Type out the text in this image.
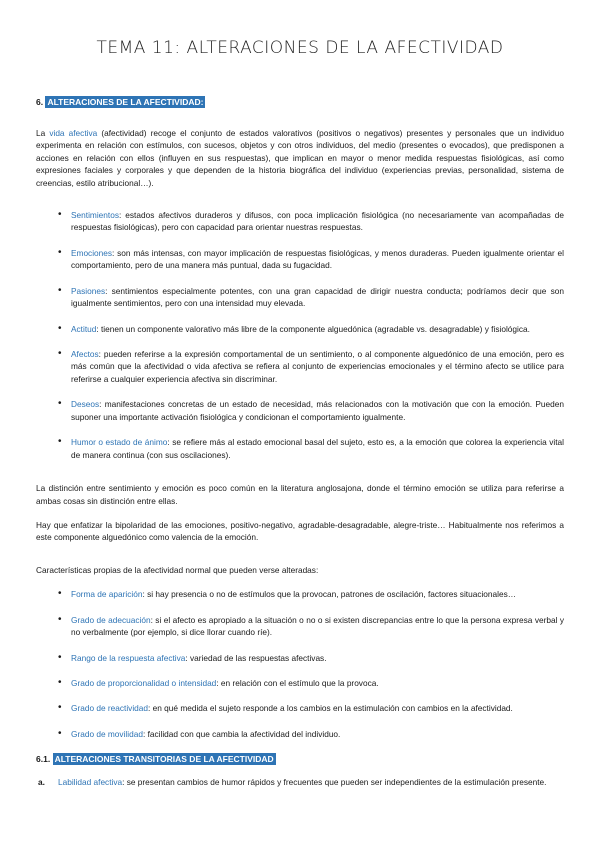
TEMA 11: ALTERACIONES DE LA AFECTIVIDAD
6. ALTERACIONES DE LA AFECTIVIDAD:

La vida afectiva (afectividad) recoge el conjunto de estados valorativos (positivos o negativos) presentes y personales que un individuo experimenta en relación con estímulos, con sucesos, objetos y con otros individuos, del medio (presentes o evocados), que predisponen a acciones en relación con ellos (influyen en sus respuestas), que implican en mayor o menor medida respuestas fisiológicas, así como expresiones faciales y corporales y que dependen de la historia biográfica del individuo (experiencias previas, personalidad, sistema de creencias, estilo atribucional…).

• Sentimientos: estados afectivos duraderos y difusos, con poca implicación fisiológica (no necesariamente van acompañadas de respuestas fisiológicas), pero con capacidad para orientar nuestras respuestas.
• Emociones: son más intensas, con mayor implicación de respuestas fisiológicas, y menos duraderas. Pueden igualmente orientar el comportamiento, pero de una manera más puntual, dada su fugacidad.
• Pasiones: sentimientos especialmente potentes, con una gran capacidad de dirigir nuestra conducta; podríamos decir que son igualmente sentimientos, pero con una intensidad muy elevada.
• Actitud: tienen un componente valorativo más libre de la componente alguedónica (agradable vs. desagradable) y fisiológica.
• Afectos: pueden referirse a la expresión comportamental de un sentimiento, o al componente alguedónico de una emoción, pero es más común que la afectividad o vida afectiva se refiera al conjunto de experiencias emocionales y el término afecto se utilice para referirse a cualquier experiencia afectiva sin discriminar.
• Deseos: manifestaciones concretas de un estado de necesidad, más relacionados con la motivación que con la emoción. Pueden suponer una importante activación fisiológica y condicionan el comportamiento igualmente.
• Humor o estado de ánimo: se refiere más al estado emocional basal del sujeto, esto es, a la emoción que colorea la experiencia vital de manera continua (con sus oscilaciones).

La distinción entre sentimiento y emoción es poco común en la literatura anglosajona, donde el término emoción se utiliza para referirse a ambas cosas sin distinción entre ellas.

Hay que enfatizar la bipolaridad de las emociones, positivo-negativo, agradable-desagradable, alegre-triste… Habitualmente nos referimos a este componente alguedónico como valencia de la emoción.

Características propias de la afectividad normal que pueden verse alteradas:

• Forma de aparición: si hay presencia o no de estímulos que la provocan, patrones de oscilación, factores situacionales…
• Grado de adecuación: si el afecto es apropiado a la situación o no o si existen discrepancias entre lo que la persona expresa verbal y no verbalmente (por ejemplo, si dice llorar cuando ríe).
• Rango de la respuesta afectiva: variedad de las respuestas afectivas.
• Grado de proporcionalidad o intensidad: en relación con el estímulo que la provoca.
• Grado de reactividad: en qué medida el sujeto responde a los cambios en la estimulación con cambios en la afectividad.
• Grado de movilidad: facilidad con que cambia la afectividad del individuo.
6.1. ALTERACIONES TRANSITORIAS DE LA AFECTIVIDAD
a. Labilidad afectiva: se presentan cambios de humor rápidos y frecuentes que pueden ser independientes de la estimulación presente.
